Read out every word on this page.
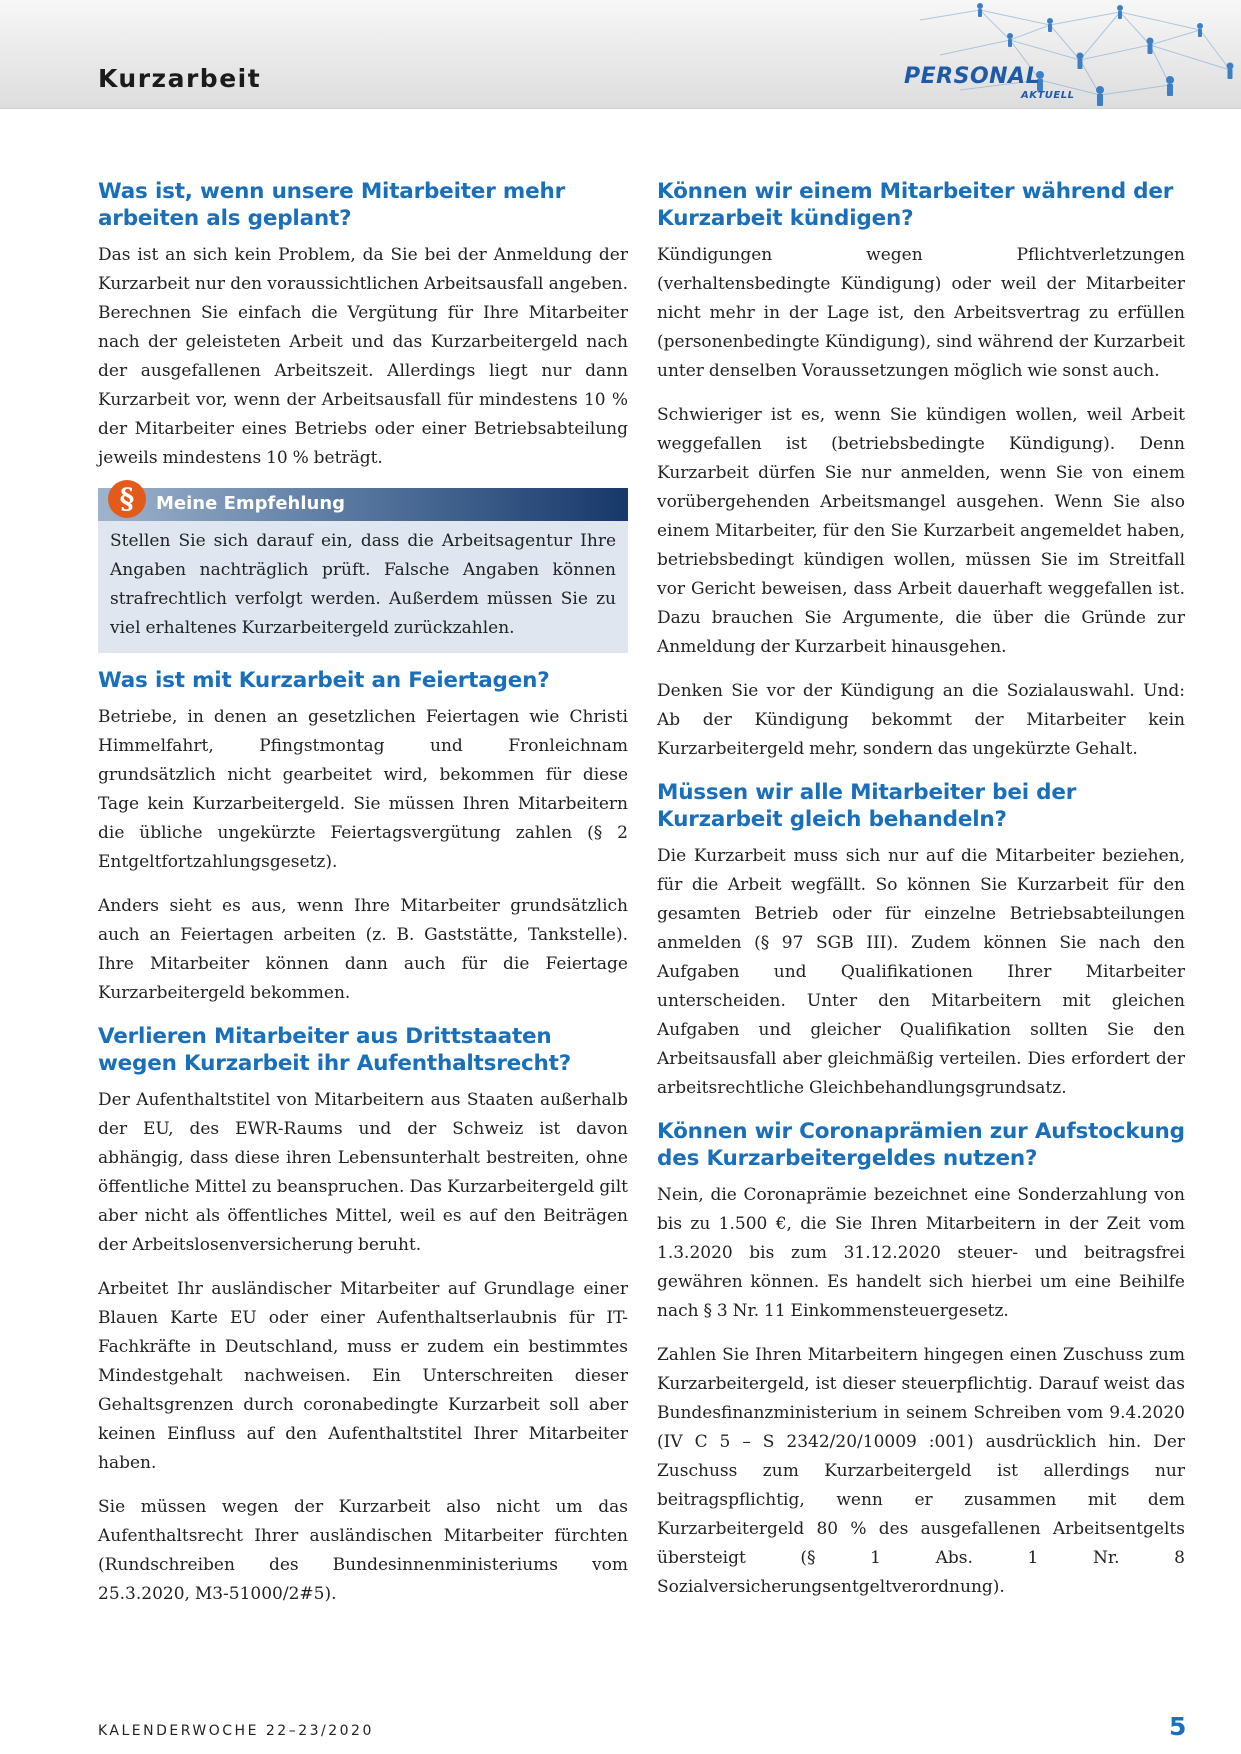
Kurzarbeit	PERSONAL
AKTUELL
Was ist, wenn unsere Mitarbeiter mehr arbeiten als geplant?

Das ist an sich kein Problem, da Sie bei der Anmeldung der Kurzarbeit nur den voraussichtlichen Arbeitsausfall angeben. Berechnen Sie einfach die Vergütung für Ihre Mitarbeiter nach der geleisteten Arbeit und das Kurzarbeitergeld nach der ausgefallenen Arbeitszeit. Allerdings liegt nur dann Kurzarbeit vor, wenn der Arbeitsausfall für mindestens 10 % der Mitarbeiter eines Betriebs oder einer Betriebsabteilung jeweils mindestens 10 % beträgt.

§	Meine Empfehlung

Stellen Sie sich darauf ein, dass die Arbeitsagentur Ihre Angaben nachträglich prüft. Falsche Angaben können strafrechtlich verfolgt werden. Außerdem müssen Sie zu viel erhaltenes Kurzarbeitergeld zurückzahlen.

Was ist mit Kurzarbeit an Feiertagen?

Betriebe, in denen an gesetzlichen Feiertagen wie Christi Himmelfahrt, Pfingstmontag und Fronleichnam grundsätzlich nicht gearbeitet wird, bekommen für diese Tage kein Kurzarbeitergeld. Sie müssen Ihren Mitarbeitern die übliche ungekürzte Feiertagsvergütung zahlen (§ 2 Entgeltfortzahlungsgesetz).

Anders sieht es aus, wenn Ihre Mitarbeiter grundsätzlich auch an Feiertagen arbeiten (z. B. Gaststätte, Tankstelle). Ihre Mitarbeiter können dann auch für die Feiertage Kurzarbeitergeld bekommen.

Verlieren Mitarbeiter aus Drittstaaten wegen Kurzarbeit ihr Aufenthaltsrecht?

Der Aufenthaltstitel von Mitarbeitern aus Staaten außerhalb der EU, des EWR-Raums und der Schweiz ist davon abhängig, dass diese ihren Lebensunterhalt bestreiten, ohne öffentliche Mittel zu beanspruchen. Das Kurzarbeitergeld gilt aber nicht als öffentliches Mittel, weil es auf den Beiträgen der Arbeitslosenversicherung beruht.

Arbeitet Ihr ausländischer Mitarbeiter auf Grundlage einer Blauen Karte EU oder einer Aufenthaltserlaubnis für IT-Fachkräfte in Deutschland, muss er zudem ein bestimmtes Mindestgehalt nachweisen. Ein Unterschreiten dieser Gehaltsgrenzen durch coronabedingte Kurzarbeit soll aber keinen Einfluss auf den Aufenthaltstitel Ihrer Mitarbeiter haben.

Sie müssen wegen der Kurzarbeit also nicht um das Aufenthaltsrecht Ihrer ausländischen Mitarbeiter fürchten (Rundschreiben des Bundesinnenministeriums vom 25.3.2020, M3-51000/2#5).

Können wir einem Mitarbeiter während der Kurzarbeit kündigen?

Kündigungen wegen Pflichtverletzungen (verhaltensbedingte Kündigung) oder weil der Mitarbeiter nicht mehr in der Lage ist, den Arbeitsvertrag zu erfüllen (personenbedingte Kündigung), sind während der Kurzarbeit unter denselben Voraussetzungen möglich wie sonst auch.

Schwieriger ist es, wenn Sie kündigen wollen, weil Arbeit weggefallen ist (betriebsbedingte Kündigung). Denn Kurzarbeit dürfen Sie nur anmelden, wenn Sie von einem vorübergehenden Arbeitsmangel ausgehen. Wenn Sie also einem Mitarbeiter, für den Sie Kurzarbeit angemeldet haben, betriebsbedingt kündigen wollen, müssen Sie im Streitfall vor Gericht beweisen, dass Arbeit dauerhaft weggefallen ist. Dazu brauchen Sie Argumente, die über die Gründe zur Anmeldung der Kurzarbeit hinausgehen.

Denken Sie vor der Kündigung an die Sozialauswahl. Und: Ab der Kündigung bekommt der Mitarbeiter kein Kurzarbeitergeld mehr, sondern das ungekürzte Gehalt.

Müssen wir alle Mitarbeiter bei der Kurzarbeit gleich behandeln?

Die Kurzarbeit muss sich nur auf die Mitarbeiter beziehen, für die Arbeit wegfällt. So können Sie Kurzarbeit für den gesamten Betrieb oder für einzelne Betriebsabteilungen anmelden (§ 97 SGB III). Zudem können Sie nach den Aufgaben und Qualifikationen Ihrer Mitarbeiter unterscheiden. Unter den Mitarbeitern mit gleichen Aufgaben und gleicher Qualifikation sollten Sie den Arbeitsausfall aber gleichmäßig verteilen. Dies erfordert der arbeitsrechtliche Gleichbehandlungsgrundsatz.

Können wir Coronaprämien zur Aufstockung des Kurzarbeitergeldes nutzen?

Nein, die Coronaprämie bezeichnet eine Sonderzahlung von bis zu 1.500 €, die Sie Ihren Mitarbeitern in der Zeit vom 1.3.2020 bis zum 31.12.2020 steuer- und beitragsfrei gewähren können. Es handelt sich hierbei um eine Beihilfe nach § 3 Nr. 11 Einkommensteuergesetz.

Zahlen Sie Ihren Mitarbeitern hingegen einen Zuschuss zum Kurzarbeitergeld, ist dieser steuerpflichtig. Darauf weist das Bundesfinanzministerium in seinem Schreiben vom 9.4.2020 (IV C 5 – S 2342/20/10009 :001) ausdrücklich hin. Der Zuschuss zum Kurzarbeitergeld ist allerdings nur beitragspflichtig, wenn er zusammen mit dem Kurzarbeitergeld 80 % des ausgefallenen Arbeitsentgelts übersteigt (§ 1 Abs. 1 Nr. 8 Sozialversicherungsentgeltverordnung).

KALENDERWOCHE 22–23/2020	5
